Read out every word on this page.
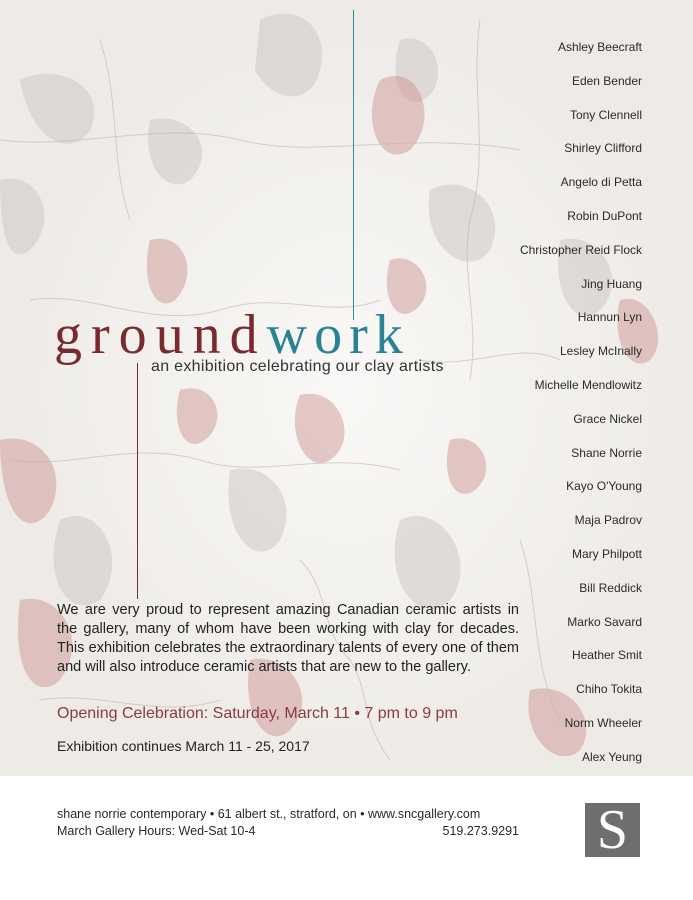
groundwork
an exhibition celebrating our clay artists
Ashley Beecraft
Eden Bender
Tony Clennell
Shirley Clifford
Angelo di Petta
Robin DuPont
Christopher Reid Flock
Jing Huang
Hannun Lyn
Lesley McInally
Michelle Mendlowitz
Grace Nickel
Shane Norrie
Kayo O'Young
Maja Padrov
Mary Philpott
Bill Reddick
Marko Savard
Heather Smit
Chiho Tokita
Norm Wheeler
Alex Yeung

We are very proud to represent amazing Canadian ceramic artists in the gallery, many of whom have been working with clay for decades. This exhibition celebrates the extraordinary talents of every one of them and will also introduce ceramic artists that are new to the gallery.

Opening Celebration: Saturday, March 11 • 7 pm to 9 pm

Exhibition continues March 11 - 25, 2017

shane norrie contemporary • 61 albert st., stratford, on • www.sncgallery.com
March Gallery Hours: Wed-Sat 10-4	519.273.9291 S
